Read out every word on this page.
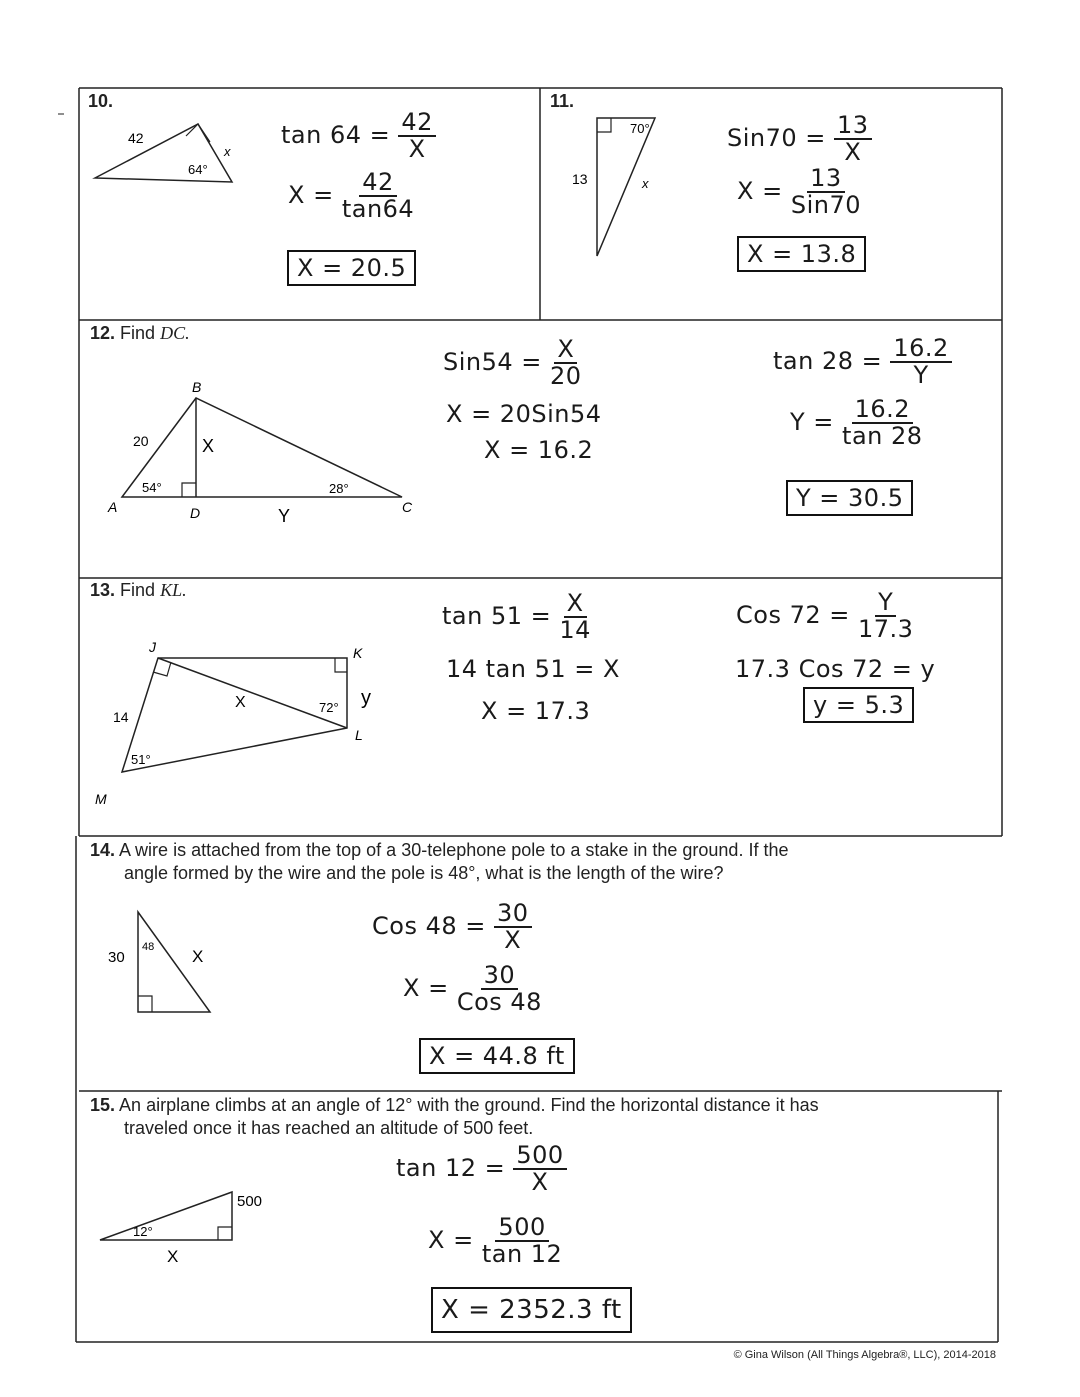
10.
42
64°
x
$\tan 64 = \frac{42}{X}$
$X = \frac{42}{\tan 64}$
X = 20.5
11.
70°
13	x
$Sin70 = \frac{13}{X}$
$X = \frac{13}{\text{Sin70}}$
X = 13.8
12. Find DC.
B
A	D	C
20
54°	28°
X
Y
$Sin54 = \frac{X}{20}$
X = 20Sin54
X = 16.2
$\tan 28 = \frac{16.2}{Y}$
$Y = \frac{16.2}{\tan 28}$
Y = 30.5
13. Find KL.
J	K
L
M
14
51°
72°
X	y
$\tan 51 = \frac{X}{14}$
14 tan 51 = X
X = 17.3
Cos $72 = \frac{Y}{17.3}$
17.3 Cos 72 = y
y = 5.3
14. A wire is attached from the top of a 30-telephone pole to a stake in the ground. If the
angle formed by the wire and the pole is 48°, what is the length of the wire?
30
48 X
Cos $48 = \frac{30}{X}$
$X = \frac{30}{\text{Cos 48}}$
X = 44.8 ft
15. An airplane climbs at an angle of 12° with the ground. Find the horizontal distance it has
traveled once it has reached an altitude of 500 feet.
500
12°
X
$\tan 12 = \frac{500}{X}$
$X = \frac{500}{\tan 12}$
X = 2352.3 ft
© Gina Wilson (All Things Algebra®, LLC), 2014-2018
